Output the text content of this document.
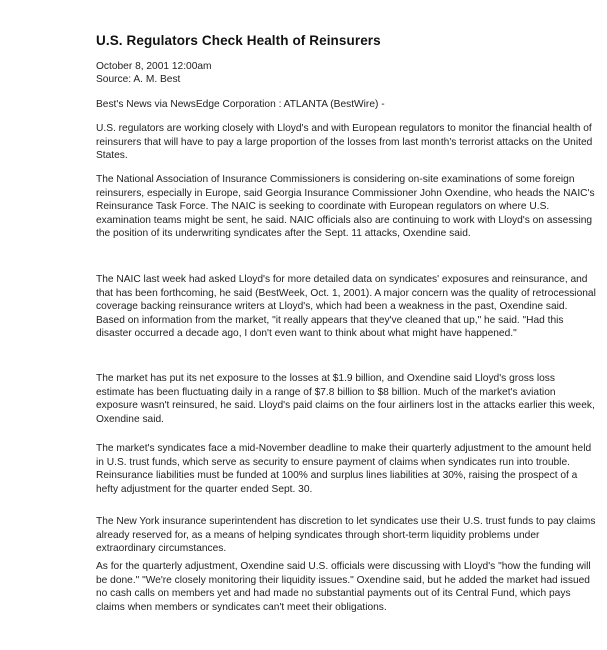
U.S. Regulators Check Health of Reinsurers

October 8, 2001 12:00am

Source: A. M. Best

Best's News via NewsEdge Corporation : ATLANTA (BestWire) -

U.S. regulators are working closely with Lloyd's and with European regulators to monitor the financial health of reinsurers that will have to pay a large proportion of the losses from last month's terrorist attacks on the United States.

The National Association of Insurance Commissioners is considering on-site examinations of some foreign reinsurers, especially in Europe, said Georgia Insurance Commissioner John Oxendine, who heads the NAIC's Reinsurance Task Force. The NAIC is seeking to coordinate with European regulators on where U.S. examination teams might be sent, he said. NAIC officials also are continuing to work with Lloyd's on assessing the position of its underwriting syndicates after the Sept. 11 attacks, Oxendine said.

The NAIC last week had asked Lloyd's for more detailed data on syndicates' exposures and reinsurance, and that has been forthcoming, he said (BestWeek, Oct. 1, 2001). A major concern was the quality of retrocessional coverage backing reinsurance writers at Lloyd's, which had been a weakness in the past, Oxendine said. Based on information from the market, "it really appears that they've cleaned that up," he said. "Had this disaster occurred a decade ago, I don't even want to think about what might have happened."

The market has put its net exposure to the losses at $1.9 billion, and Oxendine said Lloyd's gross loss estimate has been fluctuating daily in a range of $7.8 billion to $8 billion. Much of the market's aviation exposure wasn't reinsured, he said. Lloyd's paid claims on the four airliners lost in the attacks earlier this week, Oxendine said.

The market's syndicates face a mid-November deadline to make their quarterly adjustment to the amount held in U.S. trust funds, which serve as security to ensure payment of claims when syndicates run into trouble. Reinsurance liabilities must be funded at 100% and surplus lines liabilities at 30%, raising the prospect of a hefty adjustment for the quarter ended Sept. 30.

The New York insurance superintendent has discretion to let syndicates use their U.S. trust funds to pay claims already reserved for, as a means of helping syndicates through short-term liquidity problems under extraordinary circumstances.

As for the quarterly adjustment, Oxendine said U.S. officials were discussing with Lloyd's "how the funding will be done." "We're closely monitoring their liquidity issues." Oxendine said, but he added the market had issued no cash calls on members yet and had made no substantial payments out of its Central Fund, which pays claims when members or syndicates can't meet their obligations.
